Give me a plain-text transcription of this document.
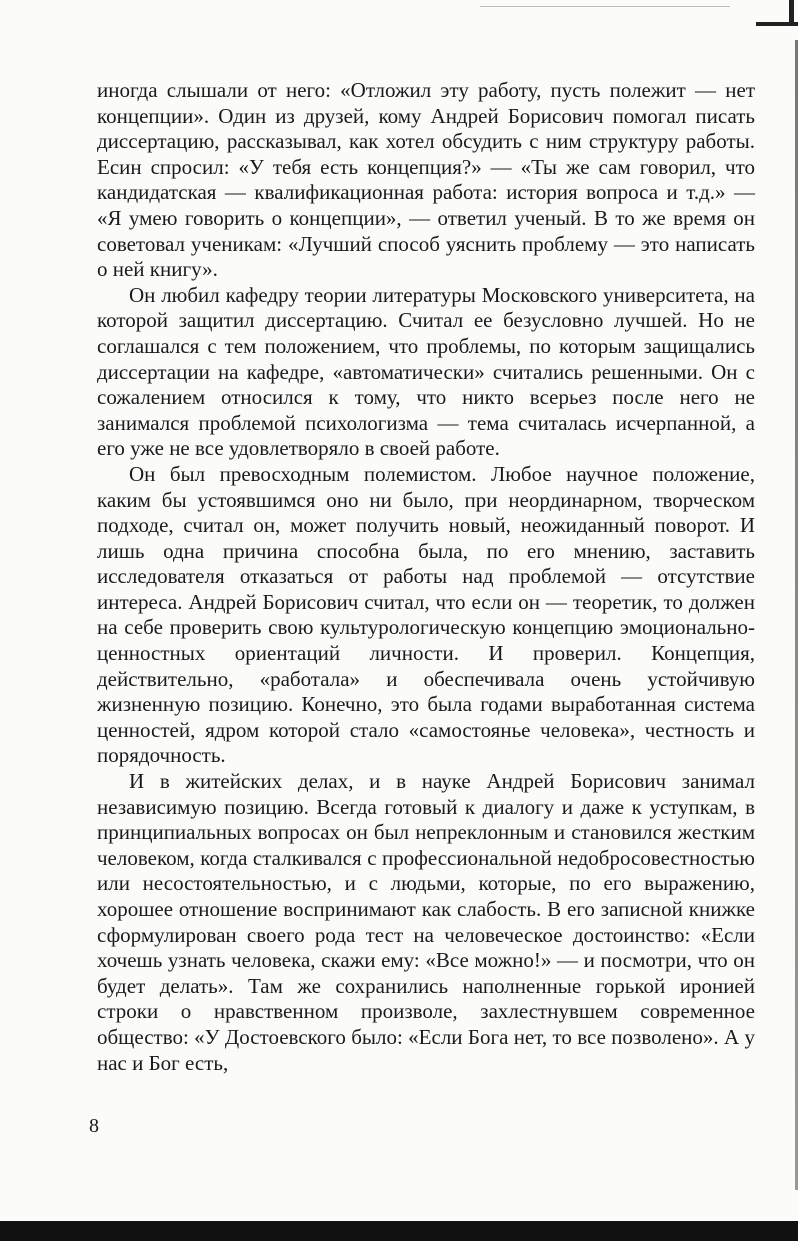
иногда слышали от него: «Отложил эту работу, пусть полежит — нет концепции». Один из друзей, кому Андрей Борисович помогал писать диссертацию, рассказывал, как хотел обсудить с ним структуру работы. Есин спросил: «У тебя есть концепция?» — «Ты же сам говорил, что кандидатская — квалификационная работа: история вопроса и т.д.» — «Я умею говорить о концепции», — ответил ученый. В то же время он советовал ученикам: «Лучший способ уяснить проблему — это написать о ней книгу».

Он любил кафедру теории литературы Московского университета, на которой защитил диссертацию. Считал ее безусловно лучшей. Но не соглашался с тем положением, что проблемы, по которым защищались диссертации на кафедре, «автоматически» считались решенными. Он с сожалением относился к тому, что никто всерьез после него не занимался проблемой психологизма — тема считалась исчерпанной, а его уже не все удовлетворяло в своей работе.

Он был превосходным полемистом. Любое научное положение, каким бы устоявшимся оно ни было, при неординарном, творческом подходе, считал он, может получить новый, неожиданный поворот. И лишь одна причина способна была, по его мнению, заставить исследователя отказаться от работы над проблемой — отсутствие интереса. Андрей Борисович считал, что если он — теоретик, то должен на себе проверить свою культурологическую концепцию эмоционально-ценностных ориентаций личности. И проверил. Концепция, действительно, «работала» и обеспечивала очень устойчивую жизненную позицию. Конечно, это была годами выработанная система ценностей, ядром которой стало «самостоянье человека», честность и порядочность.

И в житейских делах, и в науке Андрей Борисович занимал независимую позицию. Всегда готовый к диалогу и даже к уступкам, в принципиальных вопросах он был непреклонным и становился жестким человеком, когда сталкивался с профессиональной недобросовестностью или несостоятельностью, и с людьми, которые, по его выражению, хорошее отношение воспринимают как слабость. В его записной книжке сформулирован своего рода тест на человеческое достоинство: «Если хочешь узнать человека, скажи ему: «Все можно!» — и посмотри, что он будет делать». Там же сохранились наполненные горькой иронией строки о нравственном произволе, захлестнувшем современное общество: «У Достоевского было: «Если Бога нет, то все позволено». А у нас и Бог есть,

8
